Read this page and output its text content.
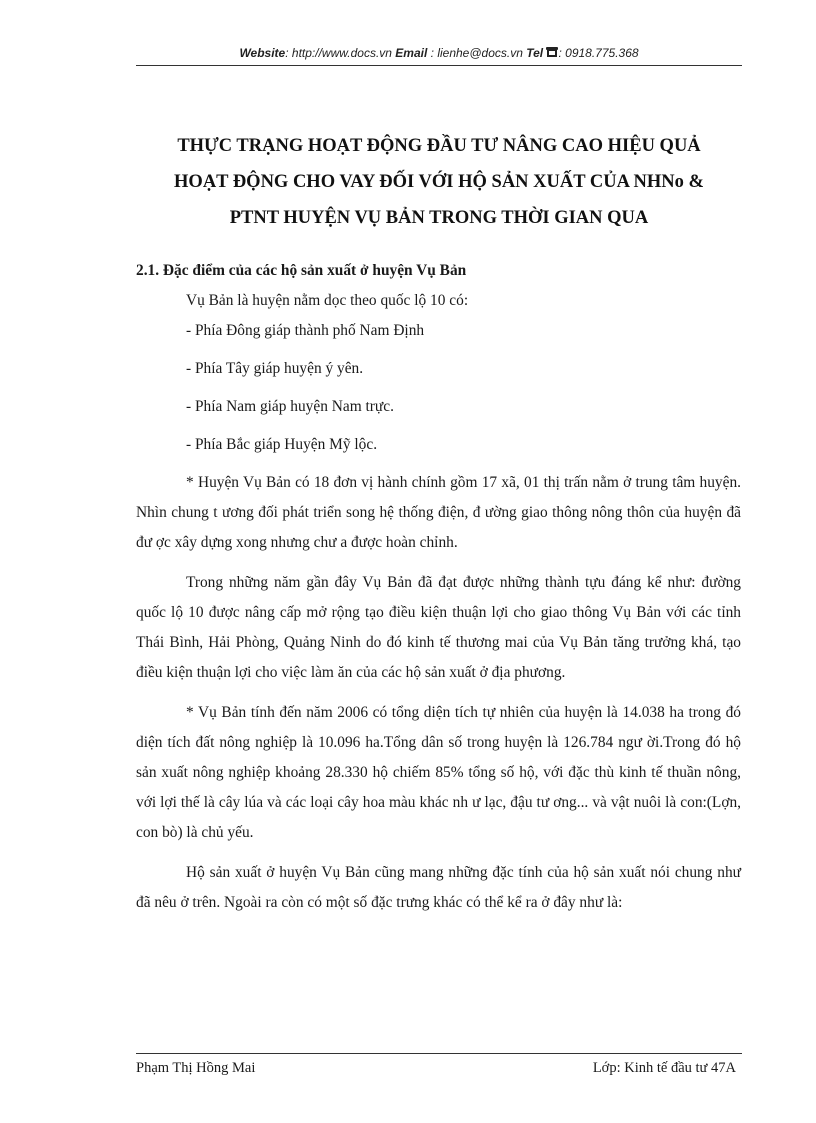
Website: http://www.docs.vn Email : lienhe@docs.vn Tel : 0918.775.368
THỰC TRẠNG HOẠT ĐỘNG ĐẦU TƯ NÂNG CAO HIỆU QUẢ
HOẠT ĐỘNG CHO VAY ĐỐI VỚI HỘ SẢN XUẤT CỦA NHNo &
PTNT HUYỆN VỤ BẢN TRONG THỜI GIAN QUA
2.1. Đặc điểm của các hộ sản xuất ở huyện Vụ Bản
Vụ Bản là huyện nằm dọc theo quốc lộ 10 có:
- Phía Đông giáp thành phố Nam Định
- Phía Tây giáp huyện ý yên.
- Phía Nam giáp huyện Nam trực.
- Phía Bắc giáp Huyện Mỹ lộc.

* Huyện Vụ Bản có 18 đơn vị hành chính gồm 17 xã, 01 thị trấn nằm ở trung tâm huyện. Nhìn chung t ương đối phát triển song hệ thống điện, đ ường giao thông nông thôn của huyện đã đư ợc xây dựng xong nhưng chư a được hoàn chỉnh.

Trong những năm gần đây Vụ Bản đã đạt được những thành tựu đáng kể như: đường quốc lộ 10 được nâng cấp mở rộng tạo điều kiện thuận lợi cho giao thông Vụ Bản với các tỉnh Thái Bình, Hải Phòng, Quảng Ninh do đó kinh tế thương mai của Vụ Bản tăng trưởng khá, tạo điều kiện thuận lợi cho việc làm ăn của các hộ sản xuất ở địa phương.

* Vụ Bản tính đến năm 2006 có tổng diện tích tự nhiên của huyện là 14.038 ha trong đó diện tích đất nông nghiệp là 10.096 ha.Tổng dân số trong huyện là 126.784 ngư ời.Trong đó hộ sản xuất nông nghiệp khoảng 28.330 hộ chiếm 85% tổng số hộ, với đặc thù kinh tế thuần nông, với lợi thế là cây lúa và các loại cây hoa màu khác nh ư lạc, đậu tư ơng... và vật nuôi là con:(Lợn, con bò) là chủ yếu.

Hộ sản xuất ở huyện Vụ Bản cũng mang những đặc tính của hộ sản xuất nói chung như đã nêu ở trên. Ngoài ra còn có một số đặc trưng khác có thể kể ra ở đây như là:

Phạm Thị Hồng Mai	Lớp: Kinh tế đầu tư 47A
